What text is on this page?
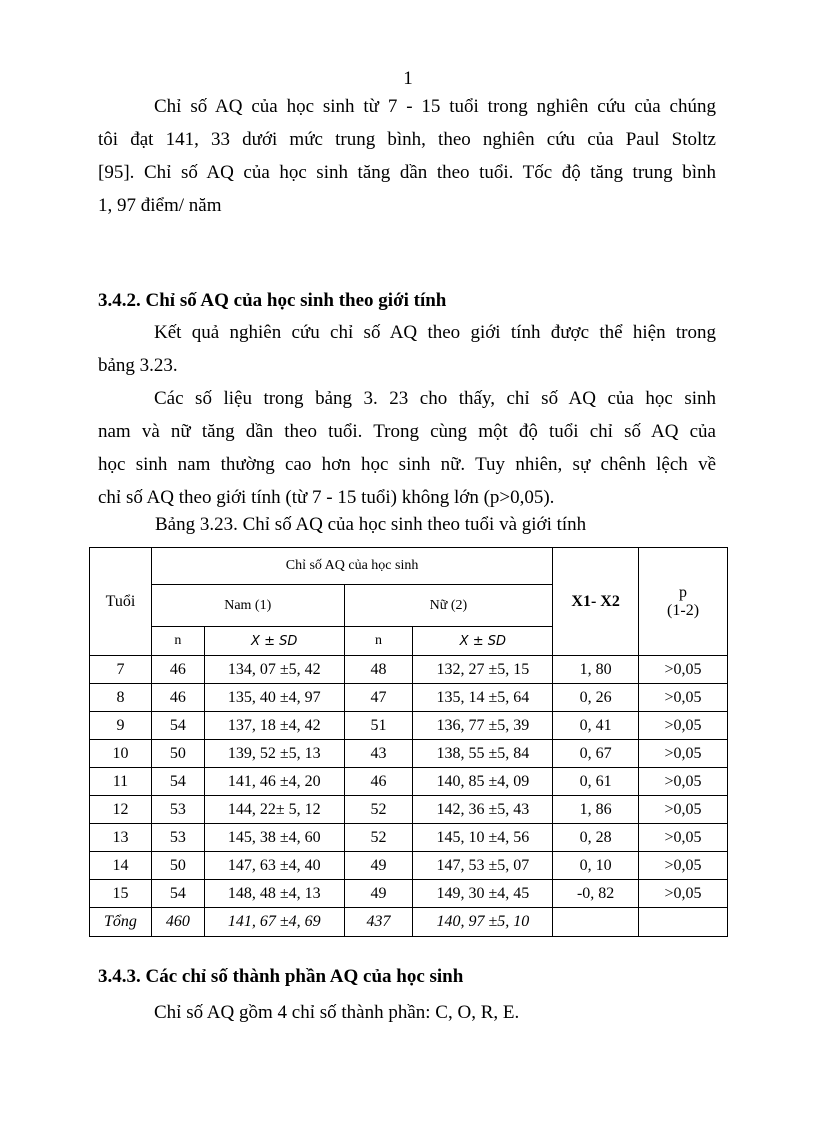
1
Chỉ số AQ của học sinh từ 7 - 15 tuổi trong nghiên cứu của chúng
tôi đạt 141, 33 dưới mức trung bình, theo nghiên cứu của Paul Stoltz
[95]. Chỉ số AQ của học sinh tăng dần theo tuổi. Tốc độ tăng trung bình
1, 97 điểm/ năm
3.4.2. Chỉ số AQ của học sinh theo giới tính
Kết quả nghiên cứu chỉ số AQ theo giới tính được thể hiện trong
bảng 3.23.
Các số liệu trong bảng 3. 23 cho thấy, chỉ số AQ của học sinh
nam và nữ tăng dần theo tuổi. Trong cùng một độ tuổi chỉ số AQ của
học sinh nam thường cao hơn học sinh nữ. Tuy nhiên, sự chênh lệch về
chỉ số AQ theo giới tính (từ 7 - 15 tuổi) không lớn (p>0,05).

Bảng 3.23. Chỉ số AQ của học sinh theo tuổi và giới tính

Tuổi	Chỉ số AQ của học sinh				X1- X2	p
(1-2)

	Nam (1)		Nữ (2)			
	n	X ± SD	n	X ± SD		
7	46	134, 07 ±5, 42	48	132, 27 ±5, 15	1, 80	>0,05
8	46	135, 40 ±4, 97	47	135, 14 ±5, 64	0, 26	>0,05
9	54	137, 18 ±4, 42	51	136, 77 ±5, 39	0, 41	>0,05
10	50	139, 52 ±5, 13	43	138, 55 ±5, 84	0, 67	>0,05
11	54	141, 46 ±4, 20	46	140, 85 ±4, 09	0, 61	>0,05
12	53	144, 22± 5, 12	52	142, 36 ±5, 43	1, 86	>0,05
13	53	145, 38 ±4, 60	52	145, 10 ±4, 56	0, 28	>0,05
14	50	147, 63 ±4, 40	49	147, 53 ±5, 07	0, 10	>0,05
15	54	148, 48 ±4, 13	49	149, 30 ±4, 45	-0, 82	>0,05
Tổng	460	141, 67 ±4, 69	437	140, 97 ±5, 10		
3.4.3. Các chỉ số thành phần AQ của học sinh

Chỉ số AQ gồm 4 chỉ số thành phần: C, O, R, E.
